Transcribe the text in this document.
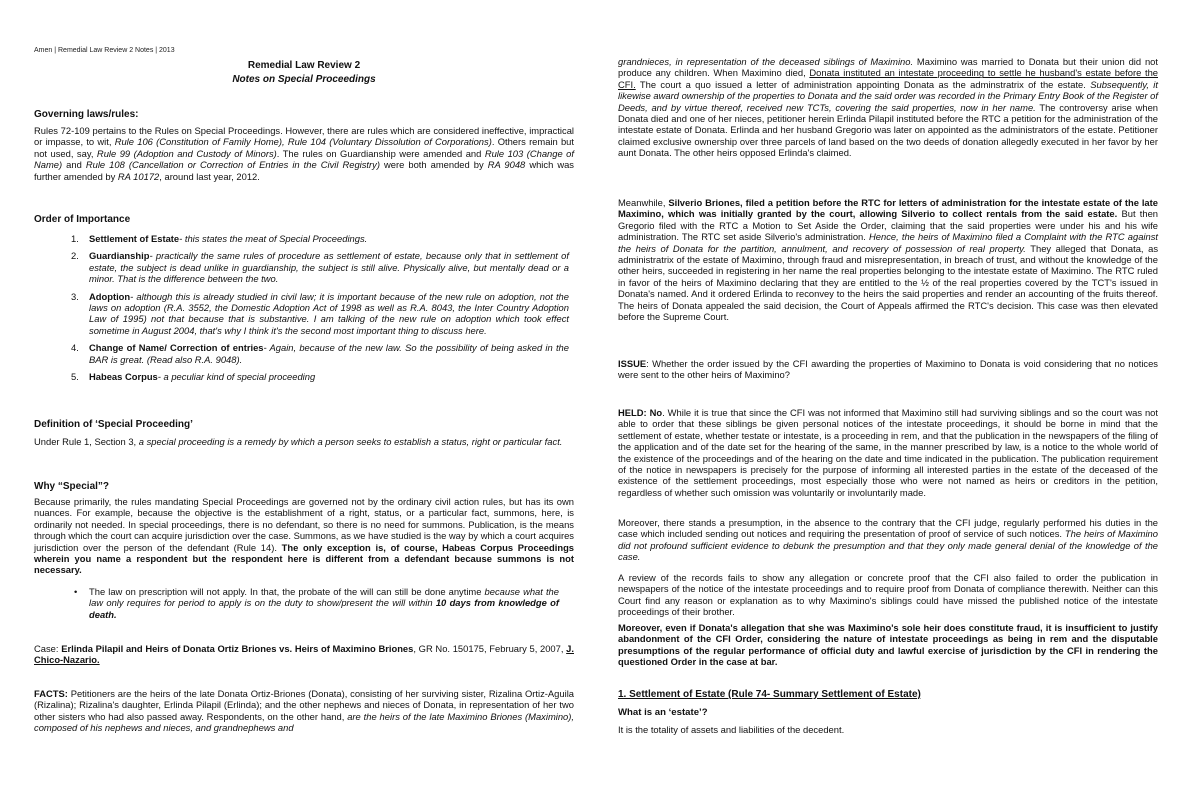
Amen | Remedial Law Review 2 Notes | 2013
Remedial Law Review 2
Notes on Special Proceedings
Governing laws/rules:
Rules 72-109 pertains to the Rules on Special Proceedings. However, there are rules which are considered ineffective, impractical or impasse, to wit, Rule 106 (Constitution of Family Home), Rule 104 (Voluntary Dissolution of Corporations). Others remain but not used, say, Rule 99 (Adoption and Custody of Minors). The rules on Guardianship were amended and Rule 103 (Change of Name) and Rule 108 (Cancellation or Correction of Entries in the Civil Registry) were both amended by RA 9048 which was further amended by RA 10172, around last year, 2012.
Order of Importance
1. Settlement of Estate- this states the meat of Special Proceedings.
2. Guardianship- practically the same rules of procedure as settlement of estate, because only that in settlement of estate, the subject is dead unlike in guardianship, the subject is still alive. Physically alive, but mentally dead or a minor. That is the difference between the two.
3. Adoption- although this is already studied in civil law; it is important because of the new rule on adoption, not the laws on adoption (R.A. 3552, the Domestic Adoption Act of 1998 as well as R.A. 8043, the Inter Country Adoption Law of 1995) not that because that is substantive. I am talking of the new rule on adoption which took effect sometime in August 2004, that's why I think it's the second most important thing to discuss here.
4. Change of Name/ Correction of entries- Again, because of the new law. So the possibility of being asked in the BAR is great. (Read also R.A. 9048).
5. Habeas Corpus- a peculiar kind of special proceeding
Definition of ‘Special Proceeding’
Under Rule 1, Section 3, a special proceeding is a remedy by which a person seeks to establish a status, right or particular fact.
Why “Special”?
Because primarily, the rules mandating Special Proceedings are governed not by the ordinary civil action rules, but has its own nuances. For example, because the objective is the establishment of a right, status, or a particular fact, summons, here, is ordinarily not needed. In special proceedings, there is no defendant, so there is no need for summons. Publication, is the means through which the court can acquire jurisdiction over the case. Summons, as we have studied is the way by which a court acquires jurisdiction over the person of the defendant (Rule 14). The only exception is, of course, Habeas Corpus Proceedings wherein you name a respondent but the respondent here is different from a defendant because summons is not necessary.
• The law on prescription will not apply. In that, the probate of the will can still be done anytime because what the law only requires for period to apply is on the duty to show/present the will within 10 days from knowledge of death.
Case: Erlinda Pilapil and Heirs of Donata Ortiz Briones vs. Heirs of Maximino Briones, GR No. 150175, February 5, 2007, J. Chico-Nazario.
FACTS: Petitioners are the heirs of the late Donata Ortiz-Briones (Donata), consisting of her surviving sister, Rizalina Ortiz-Aguila (Rizalina); Rizalina's daughter, Erlinda Pilapil (Erlinda); and the other nephews and nieces of Donata, in representation of her two other sisters who had also passed away. Respondents, on the other hand, are the heirs of the late Maximino Briones (Maximino), composed of his nephews and nieces, and grandnephews and
grandnieces, in representation of the deceased siblings of Maximino. Maximino was married to Donata but their union did not produce any children. When Maximino died, Donata instituted an intestate proceeding to settle he husband's estate before the CFI. The court a quo issued a letter of administration appointing Donata as the adminstratrix of the estate. Subsequently, it likewise award ownership of the properties to Donata and the said order was recorded in the Primary Entry Book of the Register of Deeds, and by virtue thereof, received new TCTs, covering the said properties, now in her name. The controversy arise when Donata died and one of her nieces, petitioner herein Erlinda Pilapil instituted before the RTC a petition for the administration of the intestate estate of Donata. Erlinda and her husband Gregorio was later on appointed as the administrators of the estate. Petitioner claimed exclusive ownership over three parcels of land based on the two deeds of donation allegedly executed in her favor by her aunt Donata. The other heirs opposed Erlinda's claimed.
Meanwhile, Silverio Briones, filed a petition before the RTC for letters of administration for the intestate estate of the late Maximino, which was initially granted by the court, allowing Silverio to collect rentals from the said estate. But then Gregorio filed with the RTC a Motion to Set Aside the Order, claiming that the said properties were under his and his wife administration. The RTC set aside Silverio's administration. Hence, the heirs of Maximino filed a Complaint with the RTC against the heirs of Donata for the partition, annulment, and recovery of possession of real property. They alleged that Donata, as administratrix of the estate of Maximino, through fraud and misrepresentation, in breach of trust, and without the knowledge of the other heirs, succeeded in registering in her name the real properties belonging to the intestate estate of Maximino. The RTC ruled in favor of the heirs of Maximino declaring that they are entitled to the ½ of the real properties covered by the TCT's issued in Donata's named. And it ordered Erlinda to reconvey to the heirs the said properties and render an accounting of the fruits thereof. The heirs of Donata appealed the said decision, the Court of Appeals affirmed the RTC's decision. This case was then elevated before the Supreme Court.
ISSUE: Whether the order issued by the CFI awarding the properties of Maximino to Donata is void considering that no notices were sent to the other heirs of Maximino?
HELD: No. While it is true that since the CFI was not informed that Maximino still had surviving siblings and so the court was not able to order that these siblings be given personal notices of the intestate proceedings, it should be borne in mind that the settlement of estate, whether testate or intestate, is a proceeding in rem, and that the publication in the newspapers of the filing of the application and of the date set for the hearing of the same, in the manner prescribed by law, is a notice to the whole world of the existence of the proceedings and of the hearing on the date and time indicated in the publication. The publication requirement of the notice in newspapers is precisely for the purpose of informing all interested parties in the estate of the deceased of the existence of the settlement proceedings, most especially those who were not named as heirs or creditors in the petition, regardless of whether such omission was voluntarily or involuntarily made.
Moreover, there stands a presumption, in the absence to the contrary that the CFI judge, regularly performed his duties in the case which included sending out notices and requiring the presentation of proof of service of such notices. The heirs of Maximino did not profound sufficient evidence to debunk the presumption and that they only made general denial of the knowledge of the case.
A review of the records fails to show any allegation or concrete proof that the CFI also failed to order the publication in newspapers of the notice of the intestate proceedings and to require proof from Donata of compliance therewith. Neither can this Court find any reason or explanation as to why Maximino's siblings could have missed the published notice of the intestate proceedings of their brother.
Moreover, even if Donata's allegation that she was Maximino's sole heir does constitute fraud, it is insufficient to justify abandonment of the CFI Order, considering the nature of intestate proceedings as being in rem and the disputable presumptions of the regular performance of official duty and lawful exercise of jurisdiction by the CFI in rendering the questioned Order in the case at bar.
1. Settlement of Estate (Rule 74- Summary Settlement of Estate)
What is an ‘estate’?
It is the totality of assets and liabilities of the decedent.
